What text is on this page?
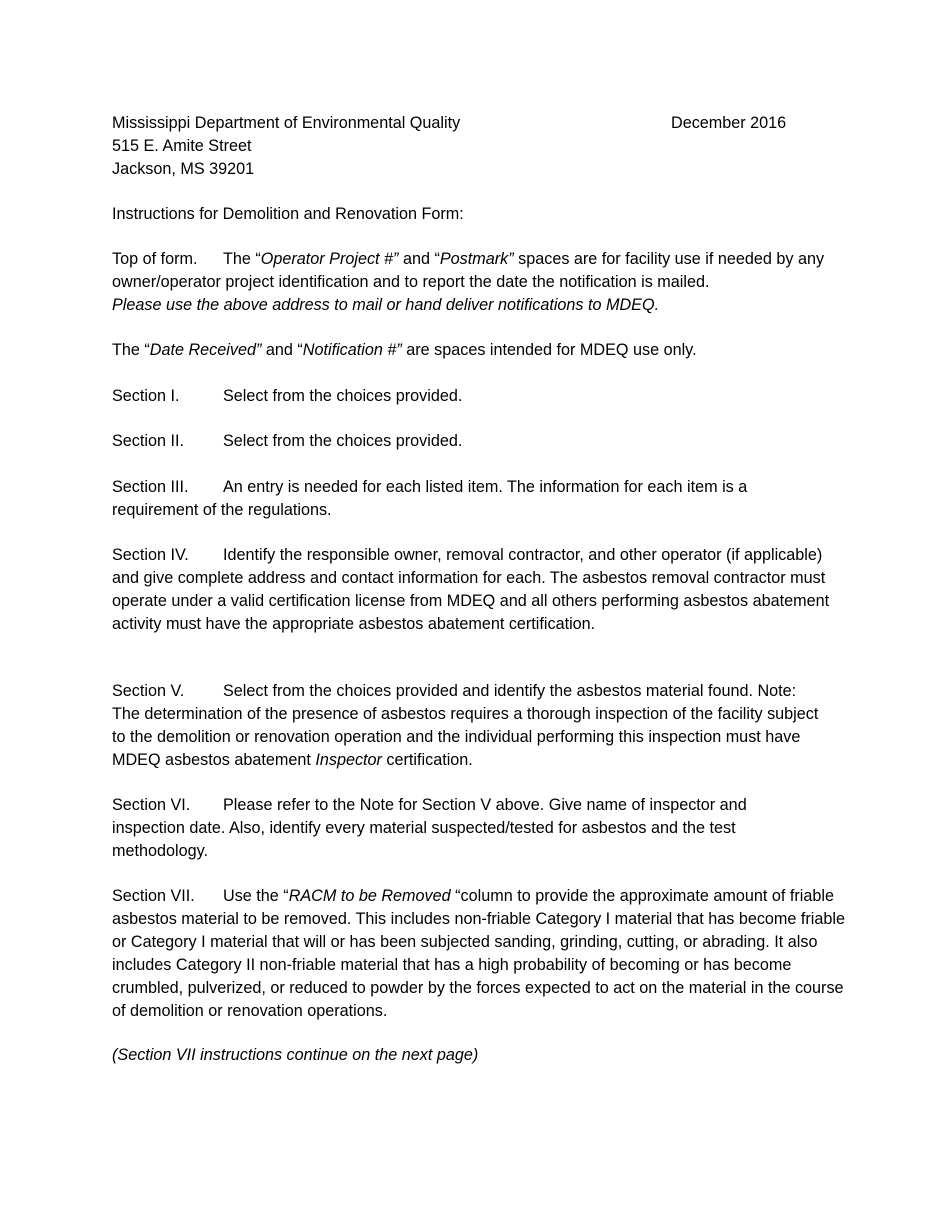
December 2016
Mississippi Department of Environmental Quality
515 E. Amite Street
Jackson, MS 39201
Instructions for Demolition and Renovation Form:
Top of form. The “Operator Project #” and “Postmark” spaces are for facility use if needed by any owner/operator project identification and to report the date the notification is mailed.
Please use the above address to mail or hand deliver notifications to MDEQ.
The “Date Received” and “Notification #” are spaces intended for MDEQ use only.
Section I.	Select from the choices provided.
Section II. Select from the choices provided.
Section III. An entry is needed for each listed item. The information for each item is a requirement of the regulations.
Section IV. Identify the responsible owner, removal contractor, and other operator (if applicable) and give complete address and contact information for each. The asbestos removal contractor must operate under a valid certification license from MDEQ and all others performing asbestos abatement activity must have the appropriate asbestos abatement certification.
Section V. Select from the choices provided and identify the asbestos material found. Note: The determination of the presence of asbestos requires a thorough inspection of the facility subject to the demolition or renovation operation and the individual performing this inspection must have MDEQ asbestos abatement Inspector certification.
Section VI. Please refer to the Note for Section V above. Give name of inspector and inspection date. Also, identify every material suspected/tested for asbestos and the test methodology.
Section VII. Use the “RACM to be Removed “column to provide the approximate amount of friable asbestos material to be removed. This includes non-friable Category I material that has become friable or Category I material that will or has been subjected sanding, grinding, cutting, or abrading. It also includes Category II non-friable material that has a high probability of becoming or has become crumbled, pulverized, or reduced to powder by the forces expected to act on the material in the course of demolition or renovation operations.
(Section VII instructions continue on the next page)
